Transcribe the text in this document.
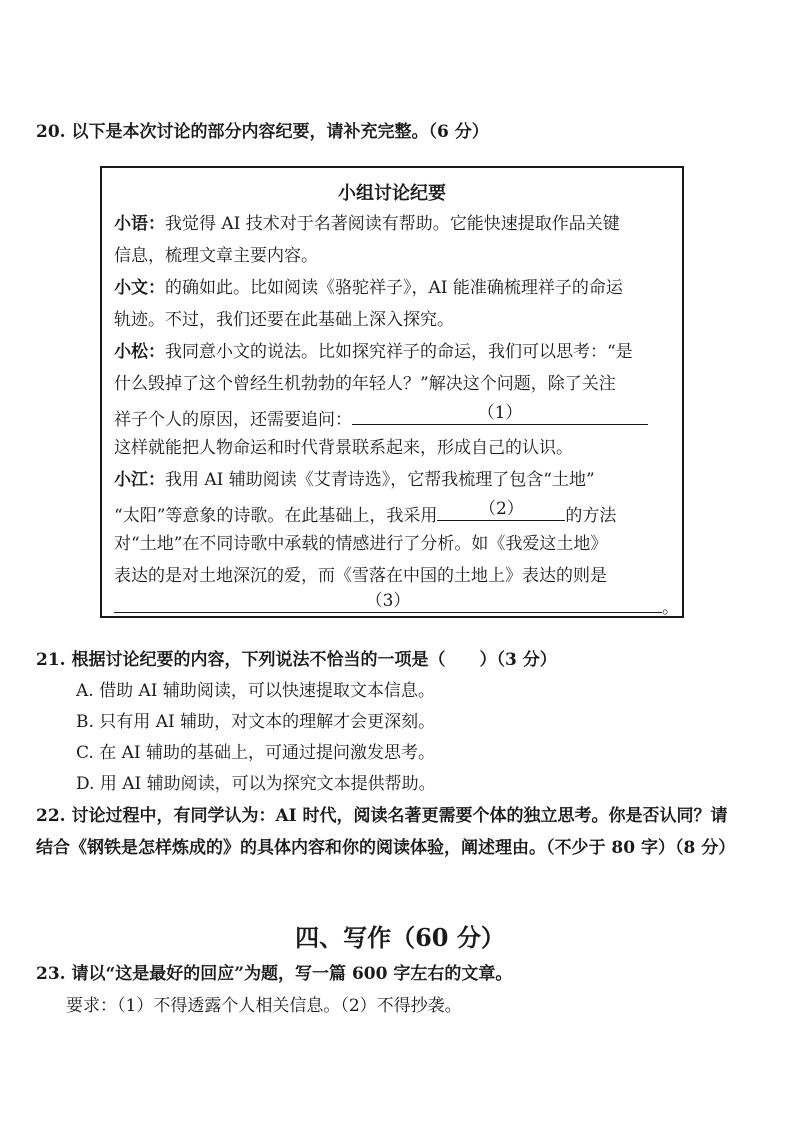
20. 以下是本次讨论的部分内容纪要，请补充完整。（6 分）
小组讨论纪要
小语：我觉得 AI 技术对于名著阅读有帮助。它能快速提取作品关键
信息，梳理文章主要内容。
小文：的确如此。比如阅读《骆驼祥子》，AI 能准确梳理祥子的命运
轨迹。不过，我们还要在此基础上深入探究。
小松：我同意小文的说法。比如探究祥子的命运，我们可以思考：“是
什么毁掉了这个曾经生机勃勃的年轻人？”解决这个问题，除了关注
祥子个人的原因，还需要追问：	（1）
这样就能把人物命运和时代背景联系起来，形成自己的认识。
小江：我用 AI 辅助阅读《艾青诗选》，它帮我梳理了包含“土地”
“太阳”等意象的诗歌。在此基础上，我采用	（2）	的方法
对“土地”在不同诗歌中承载的情感进行了分析。如《我爱这土地》
表达的是对土地深沉的爱，而《雪落在中国的土地上》表达的则是
（3）	。
21. 根据讨论纪要的内容，下列说法不恰当的一项是（　　）（3 分）
A. 借助 AI 辅助阅读，可以快速提取文本信息。
B. 只有用 AI 辅助，对文本的理解才会更深刻。
C. 在 AI 辅助的基础上，可通过提问激发思考。
D. 用 AI 辅助阅读，可以为探究文本提供帮助。
22. 讨论过程中，有同学认为：AI 时代，阅读名著更需要个体的独立思考。你是否认同？请
结合《钢铁是怎样炼成的》的具体内容和你的阅读体验，阐述理由。（不少于 80 字）（8 分）
四、写作（60 分）
23. 请以“这是最好的回应”为题，写一篇 600 字左右的文章。
要求：（1）不得透露个人相关信息。（2）不得抄袭。
